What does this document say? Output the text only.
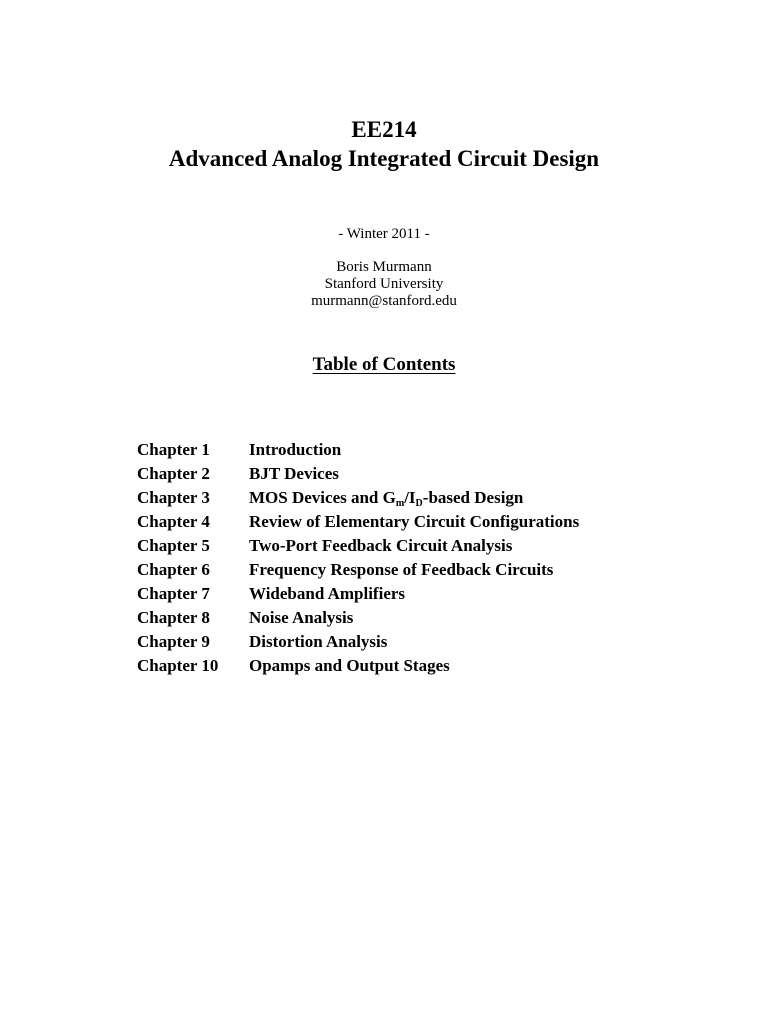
EE214
Advanced Analog Integrated Circuit Design
- Winter 2011 -
Boris Murmann
Stanford University
murmann@stanford.edu
Table of Contents
Chapter 1	Introduction
Chapter 2	BJT Devices
Chapter 3	MOS Devices and $G_m/I_D$-based Design
Chapter 4	Review of Elementary Circuit Configurations
Chapter 5	Two-Port Feedback Circuit Analysis
Chapter 6	Frequency Response of Feedback Circuits
Chapter 7	Wideband Amplifiers
Chapter 8	Noise Analysis
Chapter 9	Distortion Analysis
Chapter 10	Opamps and Output Stages
